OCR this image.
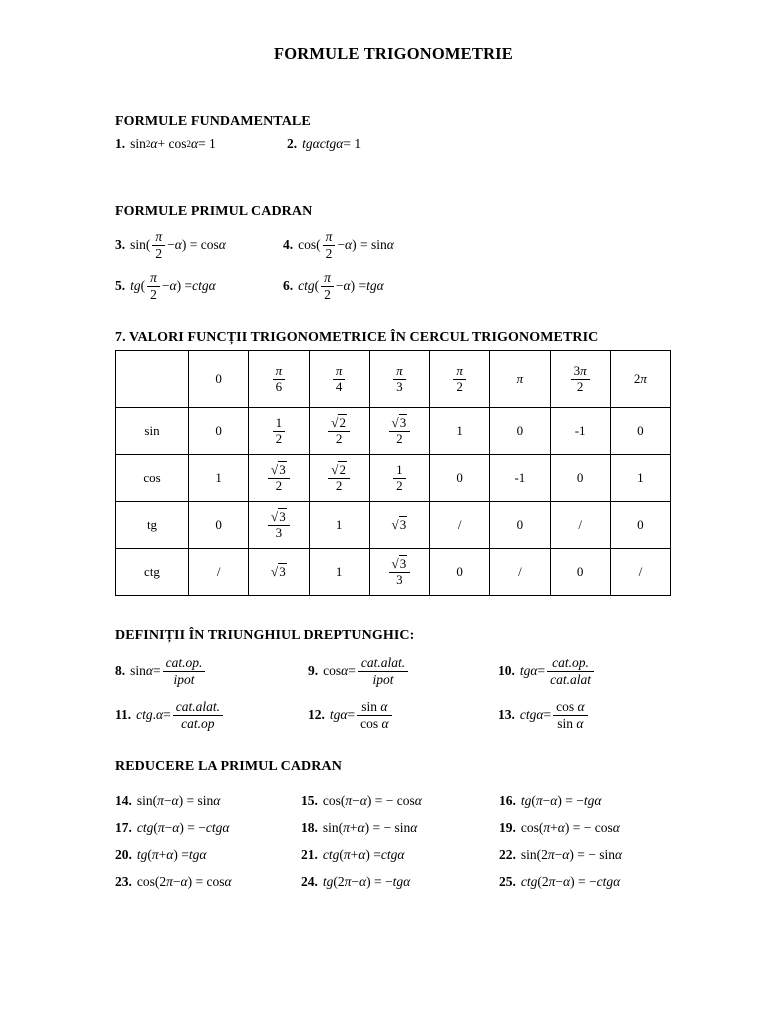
FORMULE TRIGONOMETRIE
FORMULE FUNDAMENTALE
1. sin 2 α + cos 2 α = 1	2. tg α ctg α = 1
FORMULE PRIMUL CADRAN
3. $\sin( \frac{\pi}{2} - \alpha$ ) = cos α	4. $\cos( \frac{\pi}{2} - \alpha$ ) = sin α
5. tg ( $\frac{\pi}{2} - \alpha$ ) = ctg α	6. ctg ( $\frac{\pi}{2} - \alpha$ ) = tg α
7. VALORI FUNCȚII TRIGONOMETRICE ÎN CERCUL TRIGONOMETRIC
	0	$\frac{\pi}{6}$	$\frac{\pi}{4}$	$\frac{\pi}{3}$	$\frac{\pi}{2}$	π	$\frac{3\pi}{2}$	2π
sin	0	$\frac{1}{2}$	$\frac{√2}{2}$	$\frac{√3}{2}$	1	0	-1	0
cos	1	$\frac{√3}{2}$	$\frac{√2}{2}$	$\frac{1}{2}$	0	-1	0	1
tg	0	$\frac{√3}{3}$	1	√3	/	0	/	0
ctg	/	√3	1	$\frac{√3}{3}$	0	/	0	/
DEFINIȚII ÎN TRIUNGHIUL DREPTUNGHIC:
8. $\sin \alpha = \frac{\text{cat.op.}}{\text{ipot}}$	9. $\cos \alpha = \frac{\text{cat.alat.}}{\text{ipot}}$	10. tg $\alpha = \frac{\text{cat.op.}}{\text{cat.alat}}$
11. ctg . $\alpha = \frac{\text{cat.alat.}}{\text{cat.op}}$	12. tg $\alpha = \frac{\text{sin α}}{\text{cos α}}$	13. ctg $\alpha = \frac{\text{cos α}}{\text{sin α}}$
REDUCERE LA PRIMUL CADRAN
14. sin( π − α ) = sin α	15. cos( π − α ) = − cos α	16. tg ( π − α ) = − tg α
17. ctg ( π − α ) = − ctg α	18. sin( π + α ) = − sin α	19. cos( π + α ) = − cos α
20. tg ( π + α ) = tg α	21. ctg ( π + α ) = ctg α	22. sin(2 π − α ) = − sin α
23. cos(2 π − α ) = cos α	24. tg (2 π − α ) = − tg α	25. ctg (2 π − α ) = − ctg α
